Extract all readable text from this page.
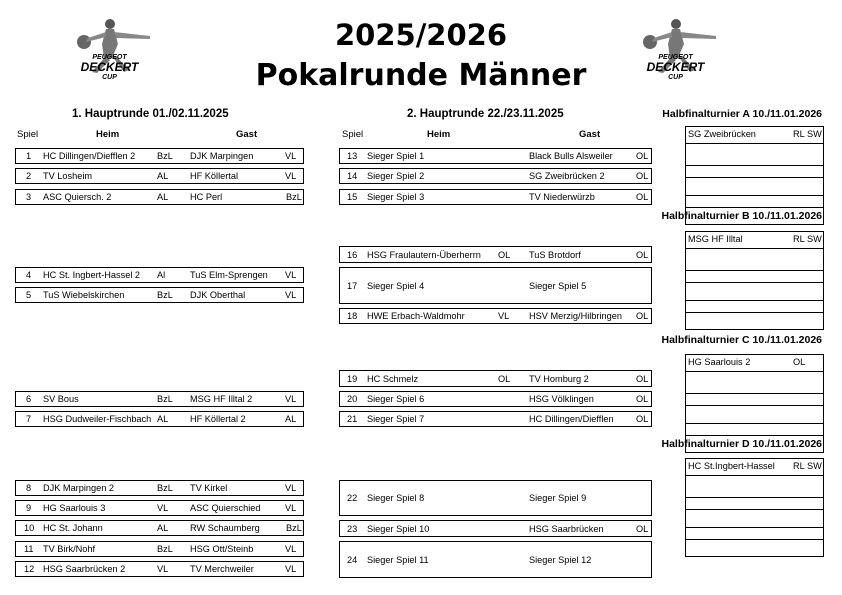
2025/2026
Pokalrunde Männer
PEUGEOT
DECKERT
CUP
PEUGEOT
DECKERT
CUP
1. Hauptrunde 01./02.11.2025	2. Hauptrunde 22./23.11.2025
Spiel	Heim	Gast	Spiel	Heim	Gast
1 HC Dillingen/Diefflen 2	BzL DJK Marpingen	VL
2 TV Losheim	AL HF Köllertal	VL
3 ASC Quiersch. 2	AL HC Perl	BzL
4 HC St. Ingbert-Hassel 2	Al	TuS Elm-Sprengen	VL
5 TuS Wiebelskirchen	BzL DJK Oberthal	VL
6 SV Bous	BzL MSG HF Illtal 2	VL
7 HSG Dudweiler-Fischbach AL HF Köllertal 2	AL
8 DJK Marpingen 2	BzL TV Kirkel	VL
9 HG Saarlouis 3	VL ASC Quierschied	VL
10 HC St. Johann	AL RW Schaumberg	BzL
11 TV Birk/Nohf	BzL HSG Ott/Steinb	VL
12 HSG Saarbrücken 2	VL TV Merchweiler	VL
13 Sieger Spiel 1	Black Bulls Alsweiler	OL
14 Sieger Spiel 2	SG Zweibrücken 2	OL
15 Sieger Spiel 3	TV Niederwürzb	OL
16 HSG Fraulautern-Überherrn	OL TuS Brotdorf	OL
17 Sieger Spiel 4	Sieger Spiel 5
18 HWE Erbach-Waldmohr	VL HSV Merzig/Hilbringen	OL
19 HC Schmelz	OL TV Homburg 2	OL
20 Sieger Spiel 6	HSG Völklingen	OL
21 Sieger Spiel 7	HC Dillingen/Diefflen	OL
22 Sieger Spiel 8	Sieger Spiel 9
23 Sieger Spiel 10	HSG Saarbrücken	OL
24 Sieger Spiel 11	Sieger Spiel 12
Halbfinalturnier A 10./11.01.2026
SG Zweibrücken	RL SW
Halbfinalturnier B 10./11.01.2026
MSG HF Illtal	RL SW
Halbfinalturnier C 10./11.01.2026
HG Saarlouis 2	OL
Halbfinalturnier D 10./11.01.2026
HC St.Ingbert-Hassel RL SW
